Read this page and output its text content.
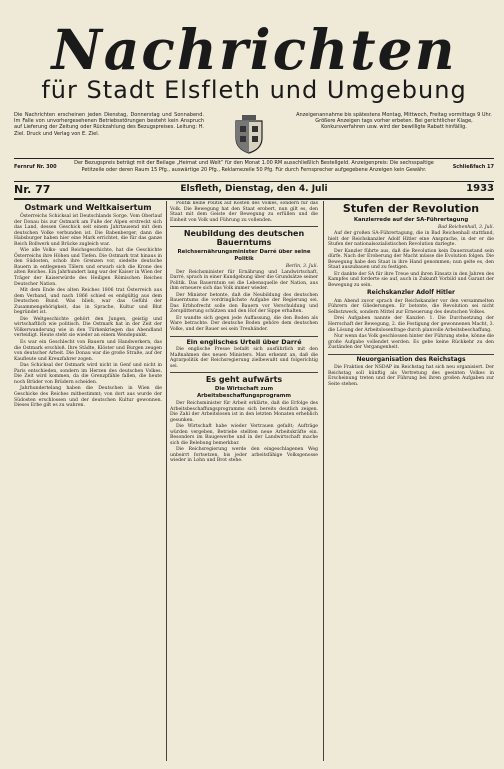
Nachrichten
für Stadt Elsfleth und Umgebung
Die Nachrichten erscheinen jeden Dienstag, Donnerstag und Sonnabend. Im Falle von unvorhergesehenen Betriebsstörungen besteht kein Anspruch auf Lieferung der Zeitung oder Rückzahlung des Bezugspreises. Leitung: H. Ziel. Druck und Verlag von E. Ziel.
Anzeigenannahme bis spätestens Montag, Mittwoch, Freitag vormittags 9 Uhr. Größere Anzeigen tags vorher erbeten. Bei gerichtlicher Klage, Konkursverfahren usw. wird der bewilligte Rabatt hinfällig.
Fernruf Nr. 300
Der Bezugspreis beträgt mit der Beilage „Heimat und Welt“ für den Monat 1.00 RM ausschließlich Bestellgeld. Anzeigenpreis: Die sechsspaltige Petitzeile oder deren Raum 15 Pfg., auswärtige 20 Pfg., Reklamezeile 50 Pfg. Für durch Fernsprecher aufgegebene Anzeigen kein Gewähr.	Schließfach 17
Nr. 77	Elsfleth, Dienstag, den 4. Juli	1933
Ostmark und Weltkaisertum

Österreichs Schicksal ist Deutschlands Sorge. Vom Oberlauf der Donau bis zur Ostmark am Fuße der Alpen erstreckt sich das Land, dessen Geschick seit einem Jahrtausend mit dem deutschen Volke verbunden ist. Die Babenberger, dann die Habsburger haben hier eine Mark errichtet, die für das ganze Reich Bollwerk und Brücke zugleich war.

Wie alle Volks- und Reichsgeschichte, hat die Geschichte Österreichs ihre Höhen und Tiefen. Die Ostmark trat hinaus in den Südosten, schob ihre Grenzen vor, siedelte deutsche Bauern in entlegenen Tälern und erwarb sich die Krone des alten Reiches. Ein Jahrhundert lang war der Kaiser in Wien der Träger der Kaiserwürde des Heiligen Römischen Reiches Deutscher Nation.

Mit dem Ende des alten Reiches 1806 trat Österreich aus dem Verband, und nach 1866 schied es endgültig aus dem Deutschen Bund. Was blieb, war das Gefühl der Zusammengehörigkeit, das in Sprache, Kultur und Blut begründet ist.

Die Weltgeschichte gehört den Jungen, geistig und wirtschaftlich wie politisch. Die Ostmark hat in der Zeit der Völkerwanderung wie in den Türkenkriegen das Abendland verteidigt. Heute steht sie wieder an einem Wendepunkt.

Es war ein Geschlecht von Bauern und Handwerkern, das die Ostmark erschloß. Ihre Städte, Klöster und Burgen zeugen von deutscher Arbeit. Die Donau war die große Straße, auf der Kaufleute und Kreuzfahrer zogen.

Das Schicksal der Ostmark wird nicht in Genf und nicht in Paris entschieden, sondern im Herzen des deutschen Volkes. Die Zeit wird kommen, da die Grenzpfähle fallen, die heute noch Brüder von Brüdern scheiden.

Jahrhundertelang haben die Deutschen in Wien die Geschicke des Reiches mitbestimmt; von dort aus wurde der Südosten erschlossen und der deutschen Kultur gewonnen. Dieses Erbe gilt es zu wahren.

Politik keine Politik auf Kosten des Volkes, sondern für das Volk. Die Bewegung hat den Staat erobert, nun gilt es, den Staat mit dem Geiste der Bewegung zu erfüllen und die Einheit von Volk und Führung zu vollenden.

Neubildung des deutschen Bauerntums
Reichsernährungsminister Darré über seine Politik
Berlin, 3. Juli.

Der Reichsminister für Ernährung und Landwirtschaft, Darré, sprach in einer Kundgebung über die Grundsätze seiner Politik. Das Bauerntum sei die Lebensquelle der Nation, aus ihm erneuere sich das Volk immer wieder.

Der Minister betonte, daß die Neubildung des deutschen Bauerntums die vordringlichste Aufgabe der Regierung sei. Das Erbhofrecht solle den Bauern vor Verschuldung und Zersplitterung schützen und den Hof der Sippe erhalten.

Er wandte sich gegen jede Auffassung, die den Boden als Ware betrachte. Der deutsche Boden gehöre dem deutschen Volke, und der Bauer sei sein Treuhänder.

Ein englisches Urteil über Darré

Die englische Presse befaßt sich ausführlich mit den Maßnahmen des neuen Ministers. Man erkennt an, daß die Agrarpolitik der Reichsregierung zielbewußt und folgerichtig sei.

Es geht aufwärts
Die Wirtschaft zum Arbeitsbeschaffungsprogramm

Der Reichsminister für Arbeit erklärte, daß die Erfolge des Arbeitsbeschaffungsprogramms sich bereits deutlich zeigen. Die Zahl der Arbeitslosen ist in den letzten Monaten erheblich gesunken.

Die Wirtschaft habe wieder Vertrauen gefaßt; Aufträge würden vergeben, Betriebe stellten neue Arbeitskräfte ein. Besonders im Baugewerbe und in der Landwirtschaft mache sich die Belebung bemerkbar.

Die Reichsregierung werde den eingeschlagenen Weg unbeirrt fortsetzen, bis jeder arbeitsfähige Volksgenosse wieder in Lohn und Brot stehe.

Stufen der Revolution
Kanzlerrede auf der SA-Führertagung
Bad Reichenhall, 3. Juli.

Auf der großen SA-Führertagung, die in Bad Reichenhall stattfand, hielt der Reichskanzler Adolf Hitler eine Ansprache, in der er die Stufen der nationalsozialistischen Revolution darlegte.

Der Kanzler führte aus, daß die Revolution kein Dauerzustand sein dürfe. Nach der Eroberung der Macht müsse die Evolution folgen. Die Bewegung habe den Staat in ihre Hand genommen; nun gelte es, den Staat auszubauen und zu festigen.

Er dankte der SA für ihre Treue und ihren Einsatz in den Jahren des Kampfes und forderte sie auf, auch in Zukunft Vorbild und Garant der Bewegung zu sein.

Reichskanzler Adolf Hitler

Am Abend zuvor sprach der Reichskanzler vor den versammelten Führern der Gliederungen. Er betonte, die Revolution sei nicht Selbstzweck, sondern Mittel zur Erneuerung des deutschen Volkes.

Drei Aufgaben nannte der Kanzler: 1. Die Durchsetzung der Herrschaft der Bewegung, 2. die Festigung der gewonnenen Macht, 3. die Lösung der Arbeitslosenfrage durch planvolle Arbeitsbeschaffung.

Nur wenn das Volk geschlossen hinter der Führung stehe, könne die große Aufgabe vollendet werden. Es gebe keine Rückkehr zu den Zuständen der Vergangenheit.

Neuorganisation des Reichstags

Die Fraktion der NSDAP im Reichstag hat sich neu organisiert. Der Reichstag soll künftig als Vertretung des geeinten Volkes in Erscheinung treten und der Führung bei ihren großen Aufgaben zur Seite stehen.
